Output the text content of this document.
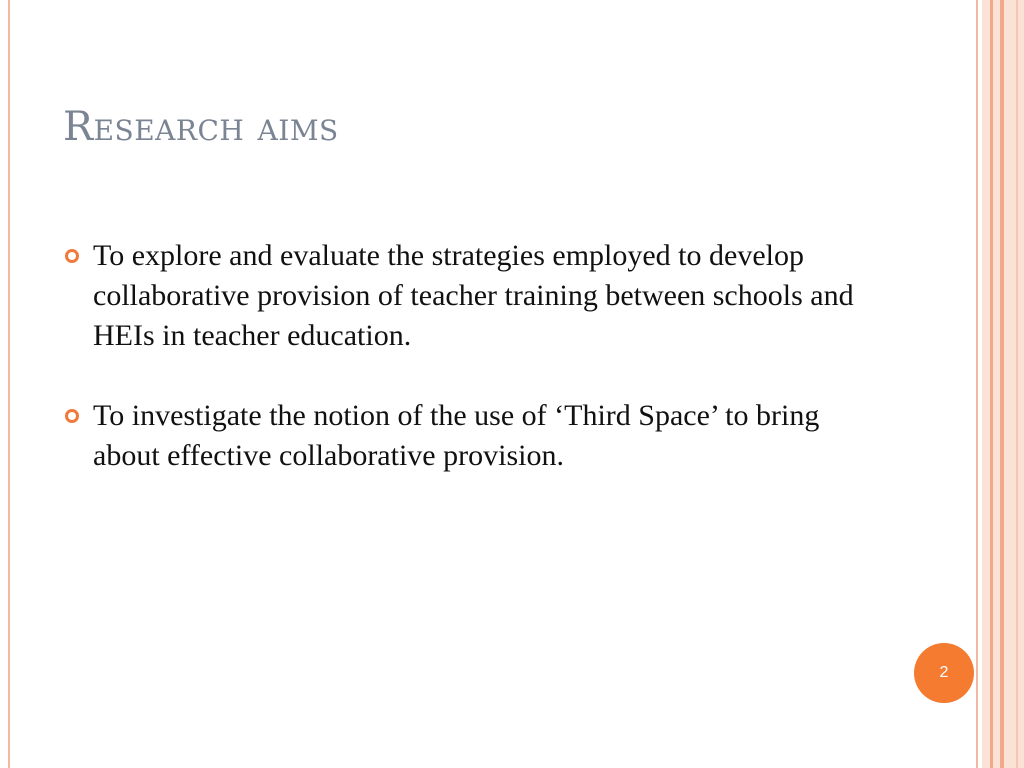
Research aims
To explore and evaluate the strategies employed to develop collaborative provision of teacher training between schools and HEIs in teacher education.
To investigate the notion of the use of ‘Third Space’ to bring about effective collaborative provision.
2
